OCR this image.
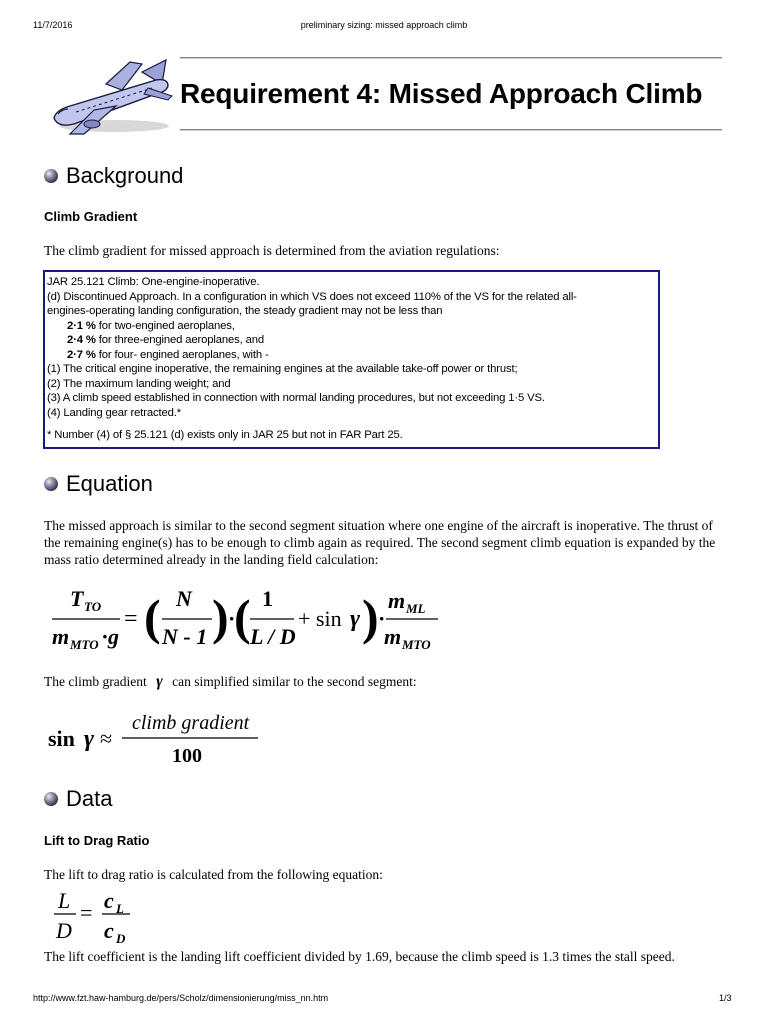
11/7/2016	preliminary sizing: missed approach climb
Requirement 4: Missed Approach Climb
Background
Climb Gradient
The climb gradient for missed approach is determined from the aviation regulations:
JAR 25.121 Climb: One-engine-inoperative.
(d) Discontinued Approach. In a configuration in which VS does not exceed 110% of the VS for the related all-
engines-operating landing configuration, the steady gradient may not be less than
2·1 % for two-engined aeroplanes,
2·4 % for three-engined aeroplanes, and
2·7 % for four- engined aeroplanes, with -
(1) The critical engine inoperative, the remaining engines at the available take-off power or thrust;
(2) The maximum landing weight; and
(3) A climb speed established in connection with normal landing procedures, but not exceeding 1·5 VS.
(4) Landing gear retracted.*
* Number (4) of § 25.121 (d) exists only in JAR 25 but not in FAR Part 25.
Equation
The missed approach is similar to the second segment situation where one engine of the aircraft is inoperative. The thrust of the remaining engine(s) has to be enough to climb again as required. The second segment climb equation is expanded by the mass ratio determined already in the landing field calculation:
T TO
m MTO · g
= ( N
N - 1 ) ·
( 1
L / D
+ sin γ ) ·
m ML
m MTO
The climb gradient γ can simplified similar to the second segment:
sin γ ≈
climb gradient
100
Data
Lift to Drag Ratio
The lift to drag ratio is calculated from the following equation:
L
D
= c L
c D
The lift coefficient is the landing lift coefficient divided by 1.69, because the climb speed is 1.3 times the stall speed.
http://www.fzt.haw-hamburg.de/pers/Scholz/dimensionierung/miss_nn.htm	1/3
